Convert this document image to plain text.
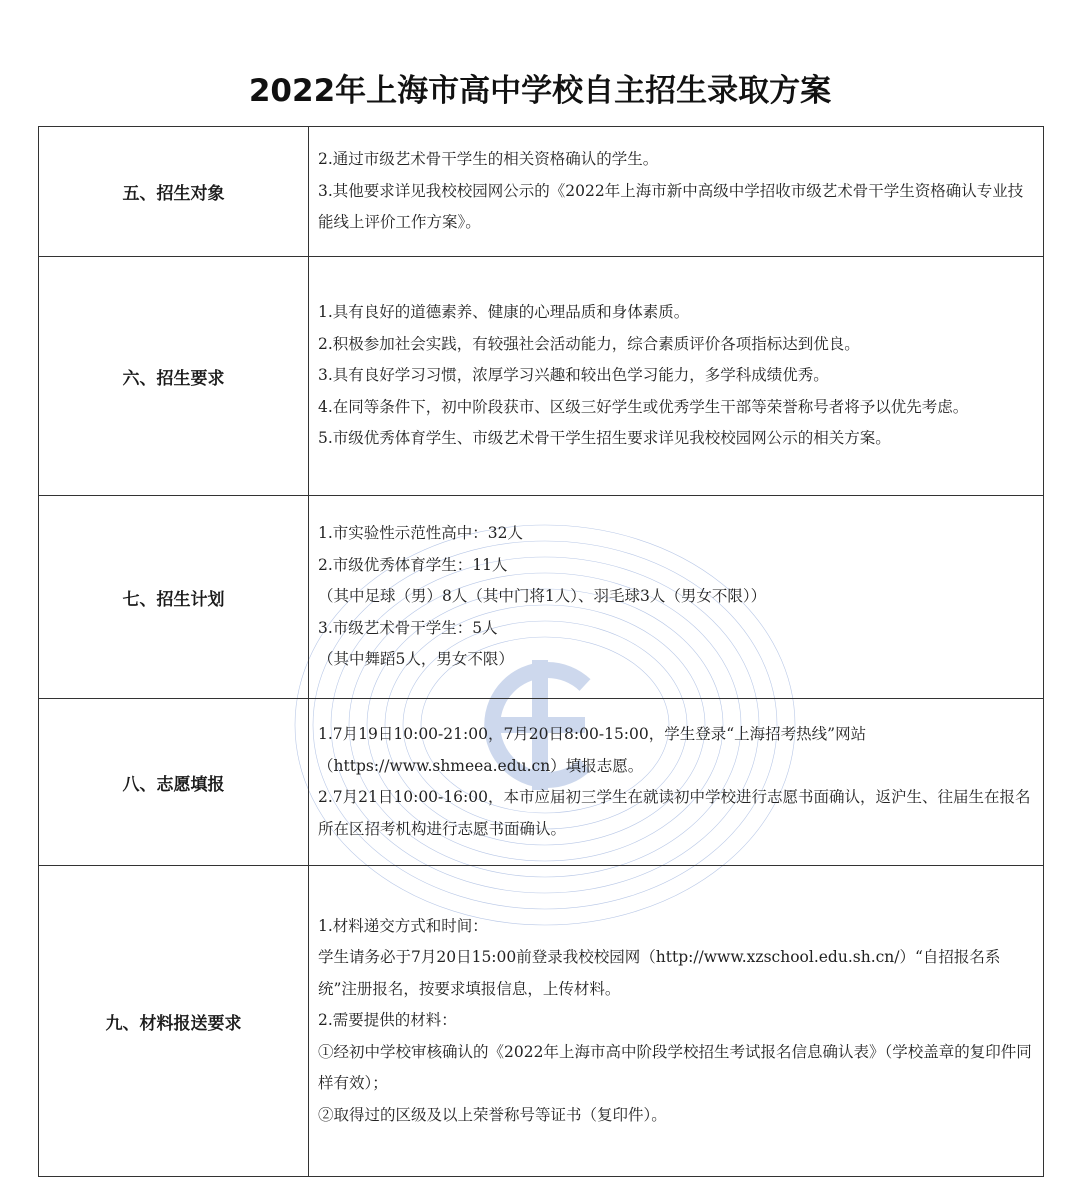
2022年上海市高中学校自主招生录取方案
五、招生对象	2.通过市级艺术骨干学生的相关资格确认的学生。

3.其他要求详见我校校园网公示的《2022年上海市新中高级中学招收市级艺术骨干学生资格确认专业技能线上评价工作方案》。

六、招生要求	1.具有良好的道德素养、健康的心理品质和身体素质。

2.积极参加社会实践，有较强社会活动能力，综合素质评价各项指标达到优良。

3.具有良好学习习惯，浓厚学习兴趣和较出色学习能力，多学科成绩优秀。

4.在同等条件下，初中阶段获市、区级三好学生或优秀学生干部等荣誉称号者将予以优先考虑。

5.市级优秀体育学生、市级艺术骨干学生招生要求详见我校校园网公示的相关方案。

七、招生计划	1.市实验性示范性高中：32人

2.市级优秀体育学生：11人

（其中足球（男）8人（其中门将1人）、羽毛球3人（男女不限））

3.市级艺术骨干学生：5人

（其中舞蹈5人，男女不限）

八、志愿填报	1.7月19日10:00-21:00，7月20日8:00-15:00，学生登录“上海招考热线”网站（https://www.shmeea.edu.cn）填报志愿。

2.7月21日10:00-16:00，本市应届初三学生在就读初中学校进行志愿书面确认，返沪生、往届生在报名所在区招考机构进行志愿书面确认。

九、材料报送要求	1.材料递交方式和时间：

学生请务必于7月20日15:00前登录我校校园网（http://www.xzschool.edu.sh.cn/）“自招报名系统”注册报名，按要求填报信息，上传材料。

2.需要提供的材料：

①经初中学校审核确认的《2022年上海市高中阶段学校招生考试报名信息确认表》（学校盖章的复印件同样有效）；

②取得过的区级及以上荣誉称号等证书（复印件）。
